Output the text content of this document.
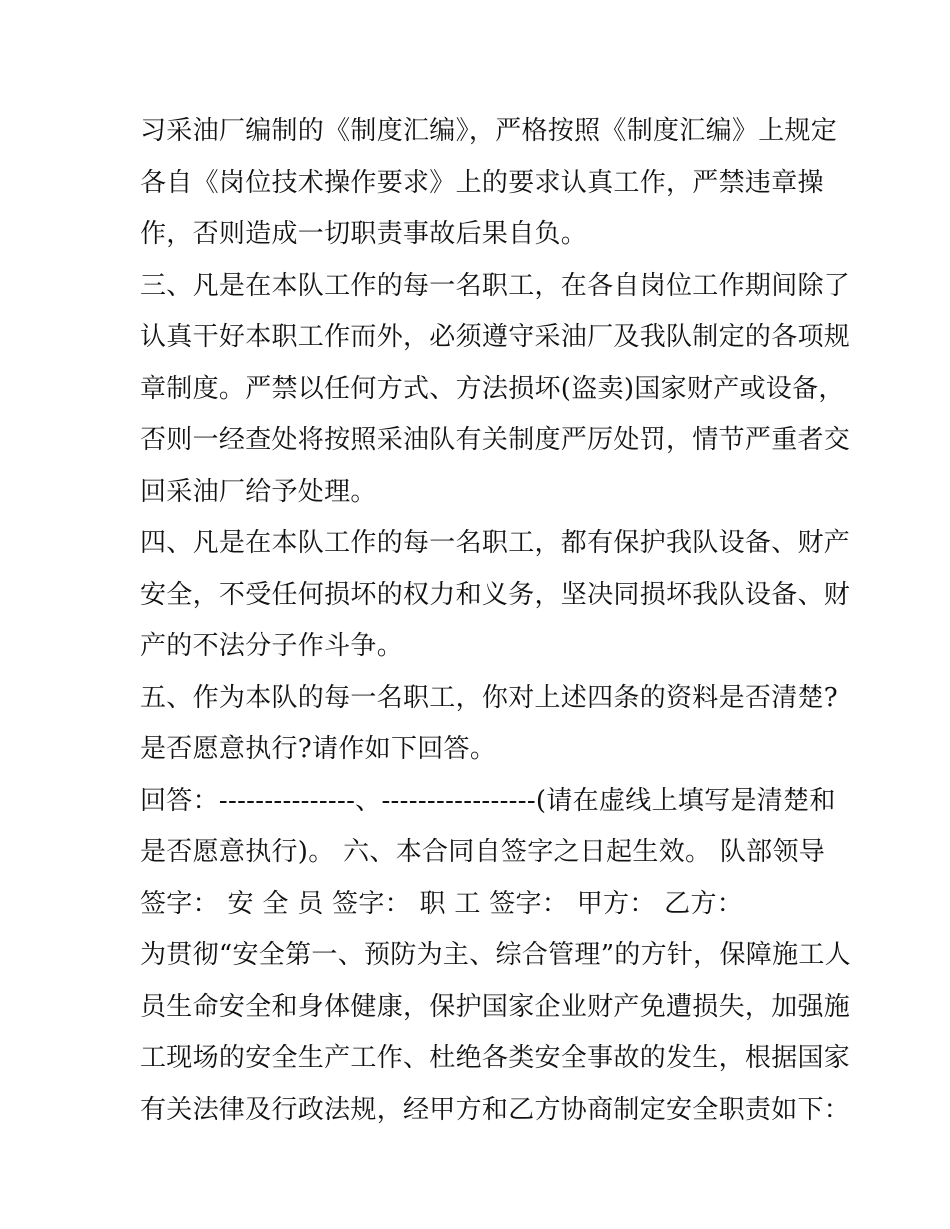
习采油厂编制的《制度汇编》，严格按照《制度汇编》上规定
各自《岗位技术操作要求》上的要求认真工作，严禁违章操
作，否则造成一切职责事故后果自负。
三、凡是在本队工作的每一名职工，在各自岗位工作期间除了
认真干好本职工作而外，必须遵守采油厂及我队制定的各项规
章制度。严禁以任何方式、方法损坏(盗卖)国家财产或设备，
否则一经查处将按照采油队有关制度严厉处罚，情节严重者交
回采油厂给予处理。
四、凡是在本队工作的每一名职工，都有保护我队设备、财产
安全，不受任何损坏的权力和义务，坚决同损坏我队设备、财
产的不法分子作斗争。
五、作为本队的每一名职工，你对上述四条的资料是否清楚?
是否愿意执行?请作如下回答。
回答：---------------、-----------------(请在虚线上填写是清楚和
是否愿意执行)。 六、本合同自签字之日起生效。 队部领导
签字： 安 全 员 签字： 职 工 签字： 甲方： 乙方：
为贯彻“安全第一、预防为主、综合管理”的方针，保障施工人
员生命安全和身体健康，保护国家企业财产免遭损失，加强施
工现场的安全生产工作、杜绝各类安全事故的发生，根据国家
有关法律及行政法规，经甲方和乙方协商制定安全职责如下：
